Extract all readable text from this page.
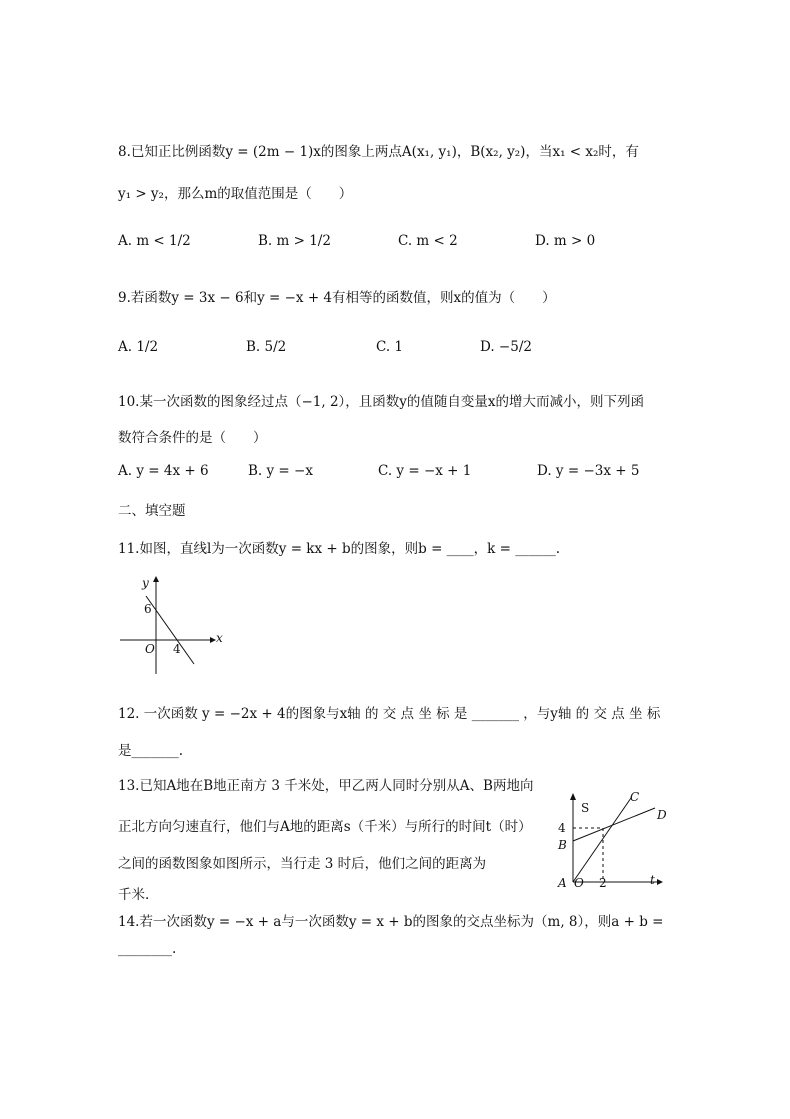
8.已知正比例函数y = (2m − 1)x的图象上两点A(x₁, y₁)，B(x₂, y₂)，当x₁ < x₂时，有
y₁ > y₂，那么m的取值范围是（　　）
A. m < 1/2	B. m > 1/2	C. m < 2	D. m > 0
9.若函数y = 3x − 6和y = −x + 4有相等的函数值，则x的值为（　　）
A. 1/2	B. 5/2	C. 1	D. −5/2
10.某一次函数的图象经过点（−1, 2），且函数y的值随自变量x的增大而减小，则下列函
数符合条件的是（　　）
A. y = 4x + 6	B. y = −x	C. y = −x + 1	D. y = −3x + 5
二、填空题
11.如图，直线l为一次函数y = kx + b的图象，则b = ____，k = ______.
y
x
6
O 4
12. 一次函数 y = −2x + 4的图象与x轴 的 交 点 坐 标 是 _______ ，与y轴 的 交 点 坐 标
是_______.
13.已知A地在B地正南方 3 千米处，甲乙两人同时分别从A、B两地向
正北方向匀速直行，他们与A地的距离s（千米）与所行的时间t（时）
之间的函数图象如图所示，当行走 3 时后，他们之间的距离为
千米.
S
C
D
4
B
A O 2	t
14.若一次函数y = −x + a与一次函数y = x + b的图象的交点坐标为（m, 8），则a + b =
________.
